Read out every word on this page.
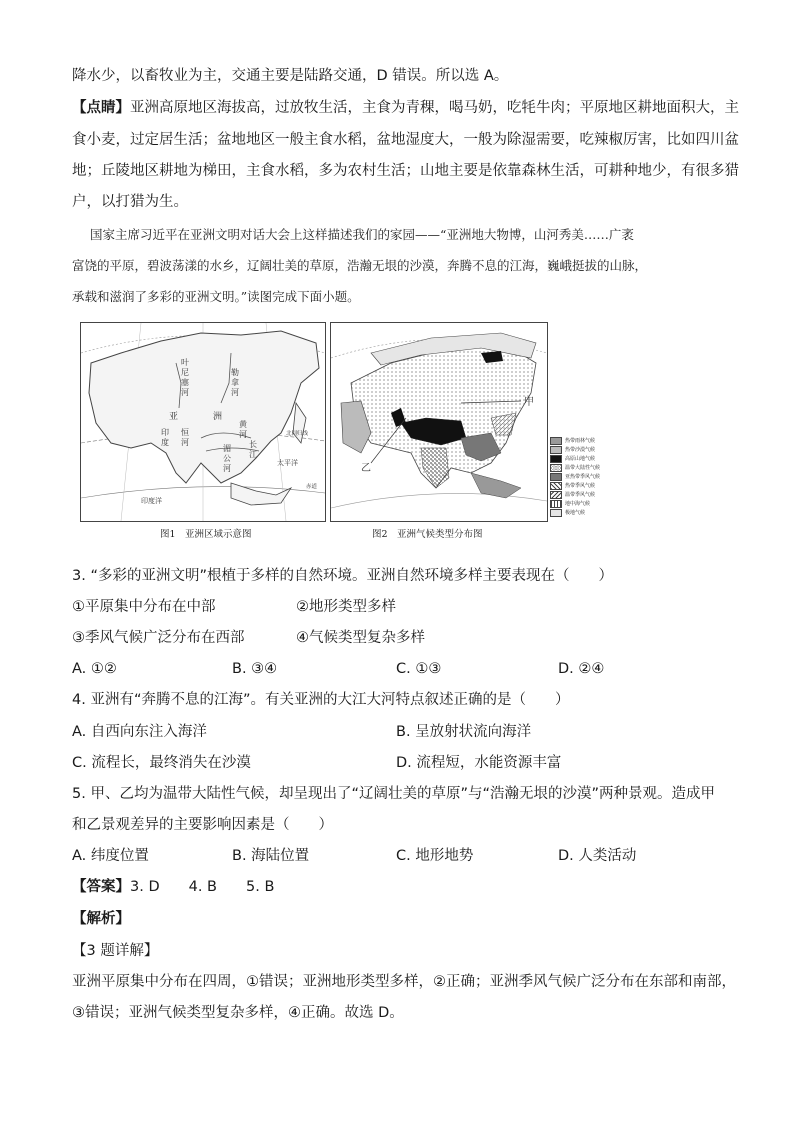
降水少，以畜牧业为主，交通主要是陆路交通，D 错误。所以选 A。
【点睛】亚洲高原地区海拔高，过放牧生活，主食为青稞，喝马奶，吃牦牛肉；平原地区耕地面积大，主
食小麦，过定居生活；盆地地区一般主食水稻，盆地湿度大，一般为除湿需要，吃辣椒厉害，比如四川盆
地；丘陵地区耕地为梯田，主食水稻，多为农村生活；山地主要是依靠森林生活，可耕种地少，有很多猎
户，以打猎为生。
国家主席习近平在亚洲文明对话大会上这样描述我们的家园——“亚洲地大物博，山河秀美……广袤
富饶的平原，碧波荡漾的水乡，辽阔壮美的草原，浩瀚无垠的沙漠，奔腾不息的江海，巍峨挺拔的山脉，
承载和滋润了多彩的亚洲文明。”读图完成下面小题。
叶
尼
塞
河
勒
拿
河
亚	洲
印
度
恒
河
黄
河
长
江
湄
公
河
太平洋
印度洋
北回归线
赤道
图1　亚洲区域示意图
甲
乙
热带雨林气候
热带沙漠气候
高原山地气候
温带大陆性气候
亚热带季风气候
热带季风气候
温带季风气候
地中海气候
极地气候
图2　亚洲气候类型分布图
3. “多彩的亚洲文明”根植于多样的自然环境。亚洲自然环境多样主要表现在（　　）
①平原集中分布在中部	②地形类型多样
③季风气候广泛分布在西部	④气候类型复杂多样
A. ①②	B. ③④	C. ①③	D. ②④
4. 亚洲有“奔腾不息的江海”。有关亚洲的大江大河特点叙述正确的是（　　）
A. 自西向东注入海洋	B. 呈放射状流向海洋
C. 流程长，最终消失在沙漠	D. 流程短，水能资源丰富
5. 甲、乙均为温带大陆性气候，却呈现出了“辽阔壮美的草原”与“浩瀚无垠的沙漠”两种景观。造成甲
和乙景观差异的主要影响因素是（　　）
A. 纬度位置	B. 海陆位置	C. 地形地势	D. 人类活动
【答案】3. D　　4. B　　5. B
【解析】
【3 题详解】
亚洲平原集中分布在四周，①错误；亚洲地形类型多样，②正确；亚洲季风气候广泛分布在东部和南部，
③错误；亚洲气候类型复杂多样，④正确。故选 D。
